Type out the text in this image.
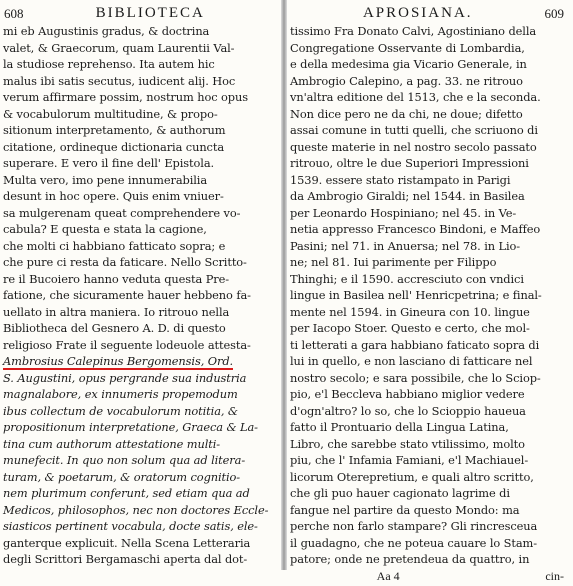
608	BIBLIOTECA
mi eb Augustinis gradus, & doctrina
valet, & Graecorum, quam Laurentii Val-
la studiose reprehenso. Ita autem hic
malus ibi satis secutus, iudicent alij. Hoc
verum affirmare possim, nostrum hoc opus
& vocabulorum multitudine, & propo-
sitionum interpretamento, & authorum
citatione, ordineque dictionaria cuncta
superare. E vero il fine dell' Epistola.
Multa vero, imo pene innumerabilia
desunt in hoc opere. Quis enim vniuer-
sa mulgerenam queat comprehendere vo-
cabula? E questa e stata la cagione,
che molti ci habbiano fatticato sopra; e
che pure ci resta da faticare. Nello Scritto-
re il Bucoiero hanno veduta questa Pre-
fatione, che sicuramente hauer hebbeno fa-
uellato in altra maniera. Io ritrouo nella
Bibliotheca del Gesnero A. D. di questo
religioso Frate il seguente lodeuole attesta-
Ambrosius Calepinus Bergomensis, Ord.
S. Augustini, opus pergrande sua industria
magnalabore, ex innumeris propemodum
ibus collectum de vocabulorum notitia, &
propositionum interpretatione, Graeca & La-
tina cum authorum attestatione multi-
munefecit. In quo non solum qua ad litera-
turam, & poetarum, & oratorum cognitio-
nem plurimum conferunt, sed etiam qua ad
Medicos, philosophos, nec non doctores Eccle-
siasticos pertinent vocabula, docte satis, ele-
ganterque explicuit. Nella Scena Letteraria
degli Scrittori Bergamaschi aperta dal dot-
APROSIANA.	609
tissimo Fra Donato Calvi, Agostiniano della
Congregatione Osservante di Lombardia,
e della medesima gia Vicario Generale, in
Ambrogio Calepino, a pag. 33. ne ritrouo
vn'altra editione del 1513, che e la seconda.
Non dice pero ne da chi, ne doue; difetto
assai comune in tutti quelli, che scriuono di
queste materie in nel nostro secolo passato
ritrouo, oltre le due Superiori Impressioni
1539. essere stato ristampato in Parigi
da Ambrogio Giraldi; nel 1544. in Basilea
per Leonardo Hospiniano; nel 45. in Ve-
netia appresso Francesco Bindoni, e Maffeo
Pasini; nel 71. in Anuersa; nel 78. in Lio-
ne; nel 81. Iui parimente per Filippo
Thinghi; e il 1590. accresciuto con vndici
lingue in Basilea nell' Henricpetrina; e final-
mente nel 1594. in Gineura con 10. lingue
per Iacopo Stoer. Questo e certo, che mol-
ti letterati a gara habbiano faticato sopra di
lui in quello, e non lasciano di fatticare nel
nostro secolo; e sara possibile, che lo Sciop-
pio, e'l Beccleva habbiano miglior vedere
d'ogn'altro? lo so, che lo Scioppio haueua
fatto il Prontuario della Lingua Latina,
Libro, che sarebbe stato vtilissimo, molto
piu, che l' Infamia Famiani, e'l Machiauel-
licorum Oterepretium, e quali altro scritto,
che gli puo hauer cagionato lagrime di
fangue nel partire da questo Mondo: ma
perche non farlo stampare? Gli rincresceua
il guadagno, che ne poteua cauare lo Stam-
patore; onde ne pretendeua da quattro, in
Aa 4	cin-
